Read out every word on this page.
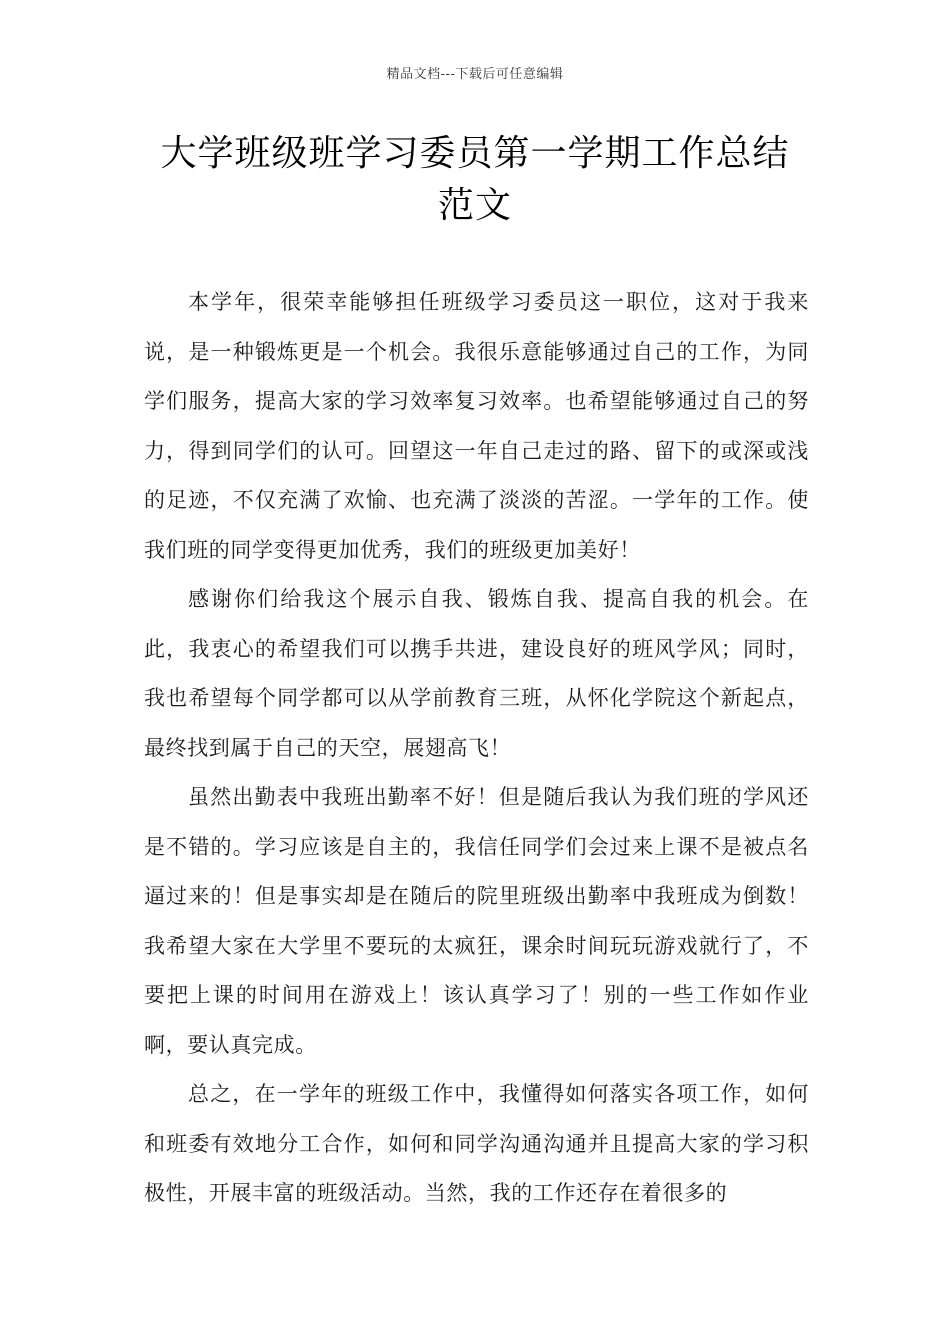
精品文档---下载后可任意编辑
大学班级班学习委员第一学期工作总结
范文

本学年，很荣幸能够担任班级学习委员这一职位，这对于我来说，是一种锻炼更是一个机会。我很乐意能够通过自己的工作，为同学们服务，提高大家的学习效率复习效率。也希望能够通过自己的努力，得到同学们的认可。回望这一年自己走过的路、留下的或深或浅的足迹，不仅充满了欢愉、也充满了淡淡的苦涩。一学年的工作。使我们班的同学变得更加优秀，我们的班级更加美好！

感谢你们给我这个展示自我、锻炼自我、提高自我的机会。在此，我衷心的希望我们可以携手共进，建设良好的班风学风；同时，我也希望每个同学都可以从学前教育三班，从怀化学院这个新起点，最终找到属于自己的天空，展翅高飞！

虽然出勤表中我班出勤率不好！但是随后我认为我们班的学风还是不错的。学习应该是自主的，我信任同学们会过来上课不是被点名逼过来的！但是事实却是在随后的院里班级出勤率中我班成为倒数！我希望大家在大学里不要玩的太疯狂，课余时间玩玩游戏就行了，不要把上课的时间用在游戏上！该认真学习了！别的一些工作如作业啊，要认真完成。

总之，在一学年的班级工作中，我懂得如何落实各项工作，如何和班委有效地分工合作，如何和同学沟通沟通并且提高大家的学习积极性，开展丰富的班级活动。当然，我的工作还存在着很多的
